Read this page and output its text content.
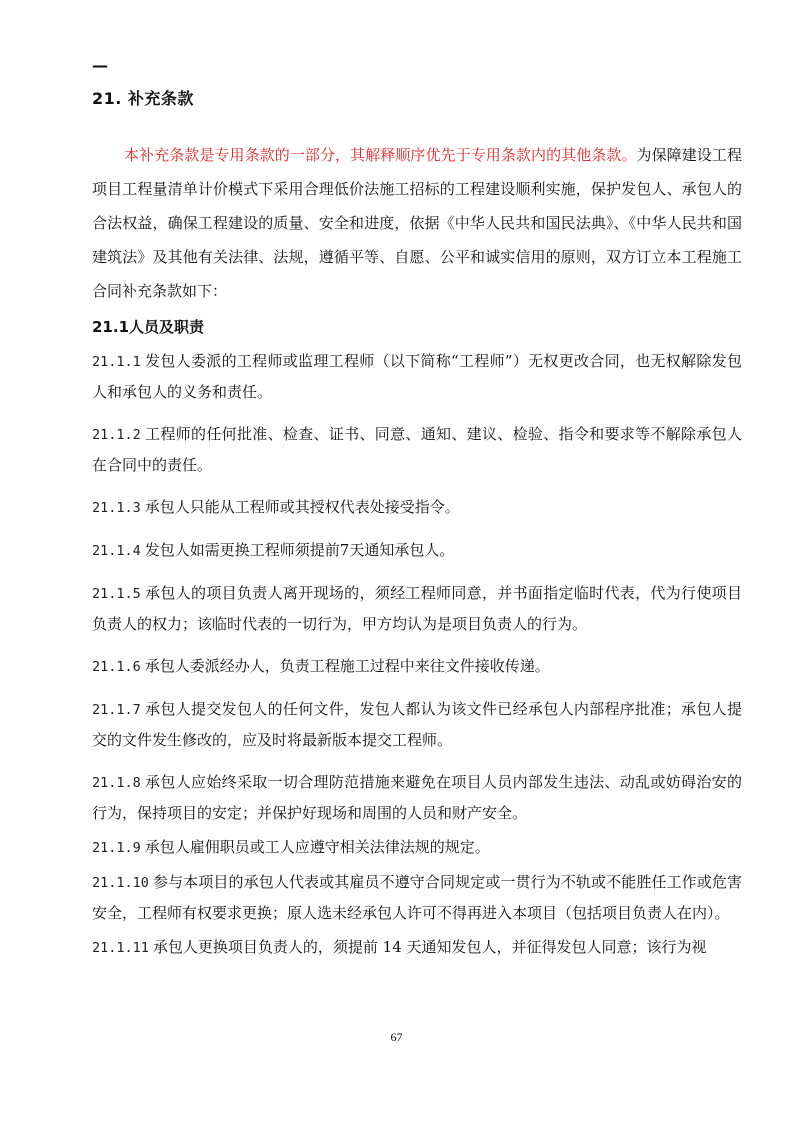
—
21. 补充条款

本补充条款是专用条款的一部分，其解释顺序优先于专用条款内的其他条款。为保障建设工程项目工程量清单计价模式下采用合理低价法施工招标的工程建设顺利实施，保护发包人、承包人的合法权益，确保工程建设的质量、安全和进度，依据《中华人民共和国民法典》、《中华人民共和国建筑法》及其他有关法律、法规，遵循平等、自愿、公平和诚实信用的原则，双方订立本工程施工合同补充条款如下：

21.1人员及职责
21.1.1 发包人委派的工程师或监理工程师（以下简称“工程师”）无权更改合同，也无权解除发包人和承包人的义务和责任。
21.1.2 工程师的任何批准、检查、证书、同意、通知、建议、检验、指令和要求等不解除承包人在合同中的责任。
21.1.3 承包人只能从工程师或其授权代表处接受指令。
21.1.4 发包人如需更换工程师须提前7天通知承包人。
21.1.5 承包人的项目负责人离开现场的，须经工程师同意，并书面指定临时代表，代为行使项目负责人的权力；该临时代表的一切行为，甲方均认为是项目负责人的行为。
21.1.6 承包人委派经办人，负责工程施工过程中来往文件接收传递。
21.1.7 承包人提交发包人的任何文件，发包人都认为该文件已经承包人内部程序批准；承包人提交的文件发生修改的，应及时将最新版本提交工程师。
21.1.8 承包人应始终采取一切合理防范措施来避免在项目人员内部发生违法、动乱或妨碍治安的行为，保持项目的安定；并保护好现场和周围的人员和财产安全。
21.1.9 承包人雇佣职员或工人应遵守相关法律法规的规定。
21.1.10 参与本项目的承包人代表或其雇员不遵守合同规定或一贯行为不轨或不能胜任工作或危害安全，工程师有权要求更换；原人选未经承包人许可不得再进入本项目（包括项目负责人在内）。
21.1.11 承包人更换项目负责人的，须提前 14 天通知发包人，并征得发包人同意；该行为视
67
